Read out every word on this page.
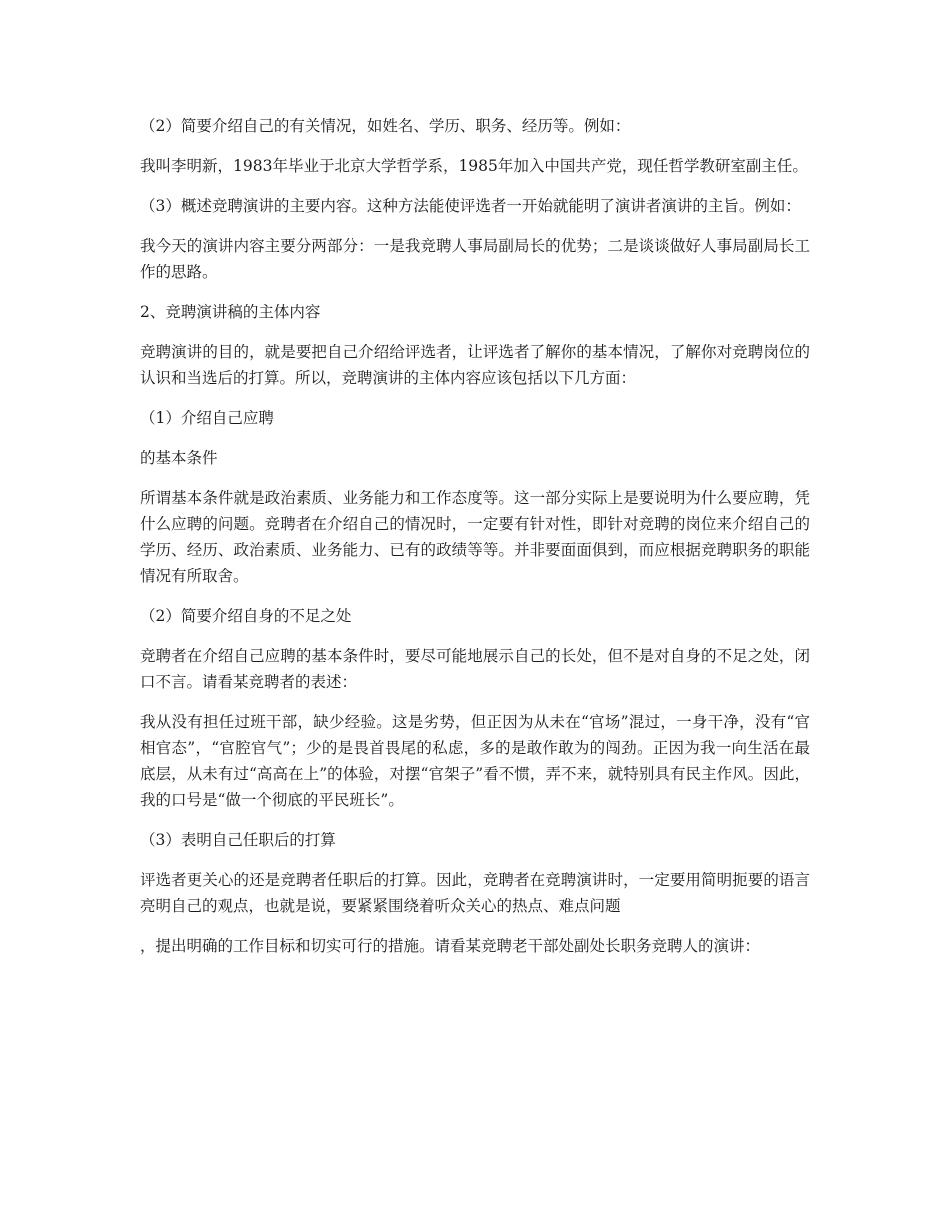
（2）简要介绍自己的有关情况，如姓名、学历、职务、经历等。例如：

我叫李明新，1983年毕业于北京大学哲学系，1985年加入中国共产党，现任哲学教研室副主任。

（3）概述竞聘演讲的主要内容。这种方法能使评选者一开始就能明了演讲者演讲的主旨。例如：

我今天的演讲内容主要分两部分：一是我竞聘人事局副局长的优势；二是谈谈做好人事局副局长工作的思路。

2、竞聘演讲稿的主体内容

竞聘演讲的目的，就是要把自己介绍给评选者，让评选者了解你的基本情况，了解你对竞聘岗位的认识和当选后的打算。所以，竞聘演讲的主体内容应该包括以下几方面：

（1）介绍自己应聘

的基本条件

所谓基本条件就是政治素质、业务能力和工作态度等。这一部分实际上是要说明为什么要应聘，凭什么应聘的问题。竞聘者在介绍自己的情况时，一定要有针对性，即针对竞聘的岗位来介绍自己的学历、经历、政治素质、业务能力、已有的政绩等等。并非要面面俱到，而应根据竞聘职务的职能情况有所取舍。

（2）简要介绍自身的不足之处

竞聘者在介绍自己应聘的基本条件时，要尽可能地展示自己的长处，但不是对自身的不足之处，闭口不言。请看某竞聘者的表述：

我从没有担任过班干部，缺少经验。这是劣势，但正因为从未在“官场”混过，一身干净，没有“官相官态”，“官腔官气”；少的是畏首畏尾的私虑，多的是敢作敢为的闯劲。正因为我一向生活在最底层，从未有过“高高在上”的体验，对摆“官架子”看不惯，弄不来，就特别具有民主作风。因此，我的口号是“做一个彻底的平民班长”。

（3）表明自己任职后的打算

评选者更关心的还是竞聘者任职后的打算。因此，竞聘者在竞聘演讲时，一定要用简明扼要的语言亮明自己的观点，也就是说，要紧紧围绕着听众关心的热点、难点问题

，提出明确的工作目标和切实可行的措施。请看某竞聘老干部处副处长职务竞聘人的演讲：
